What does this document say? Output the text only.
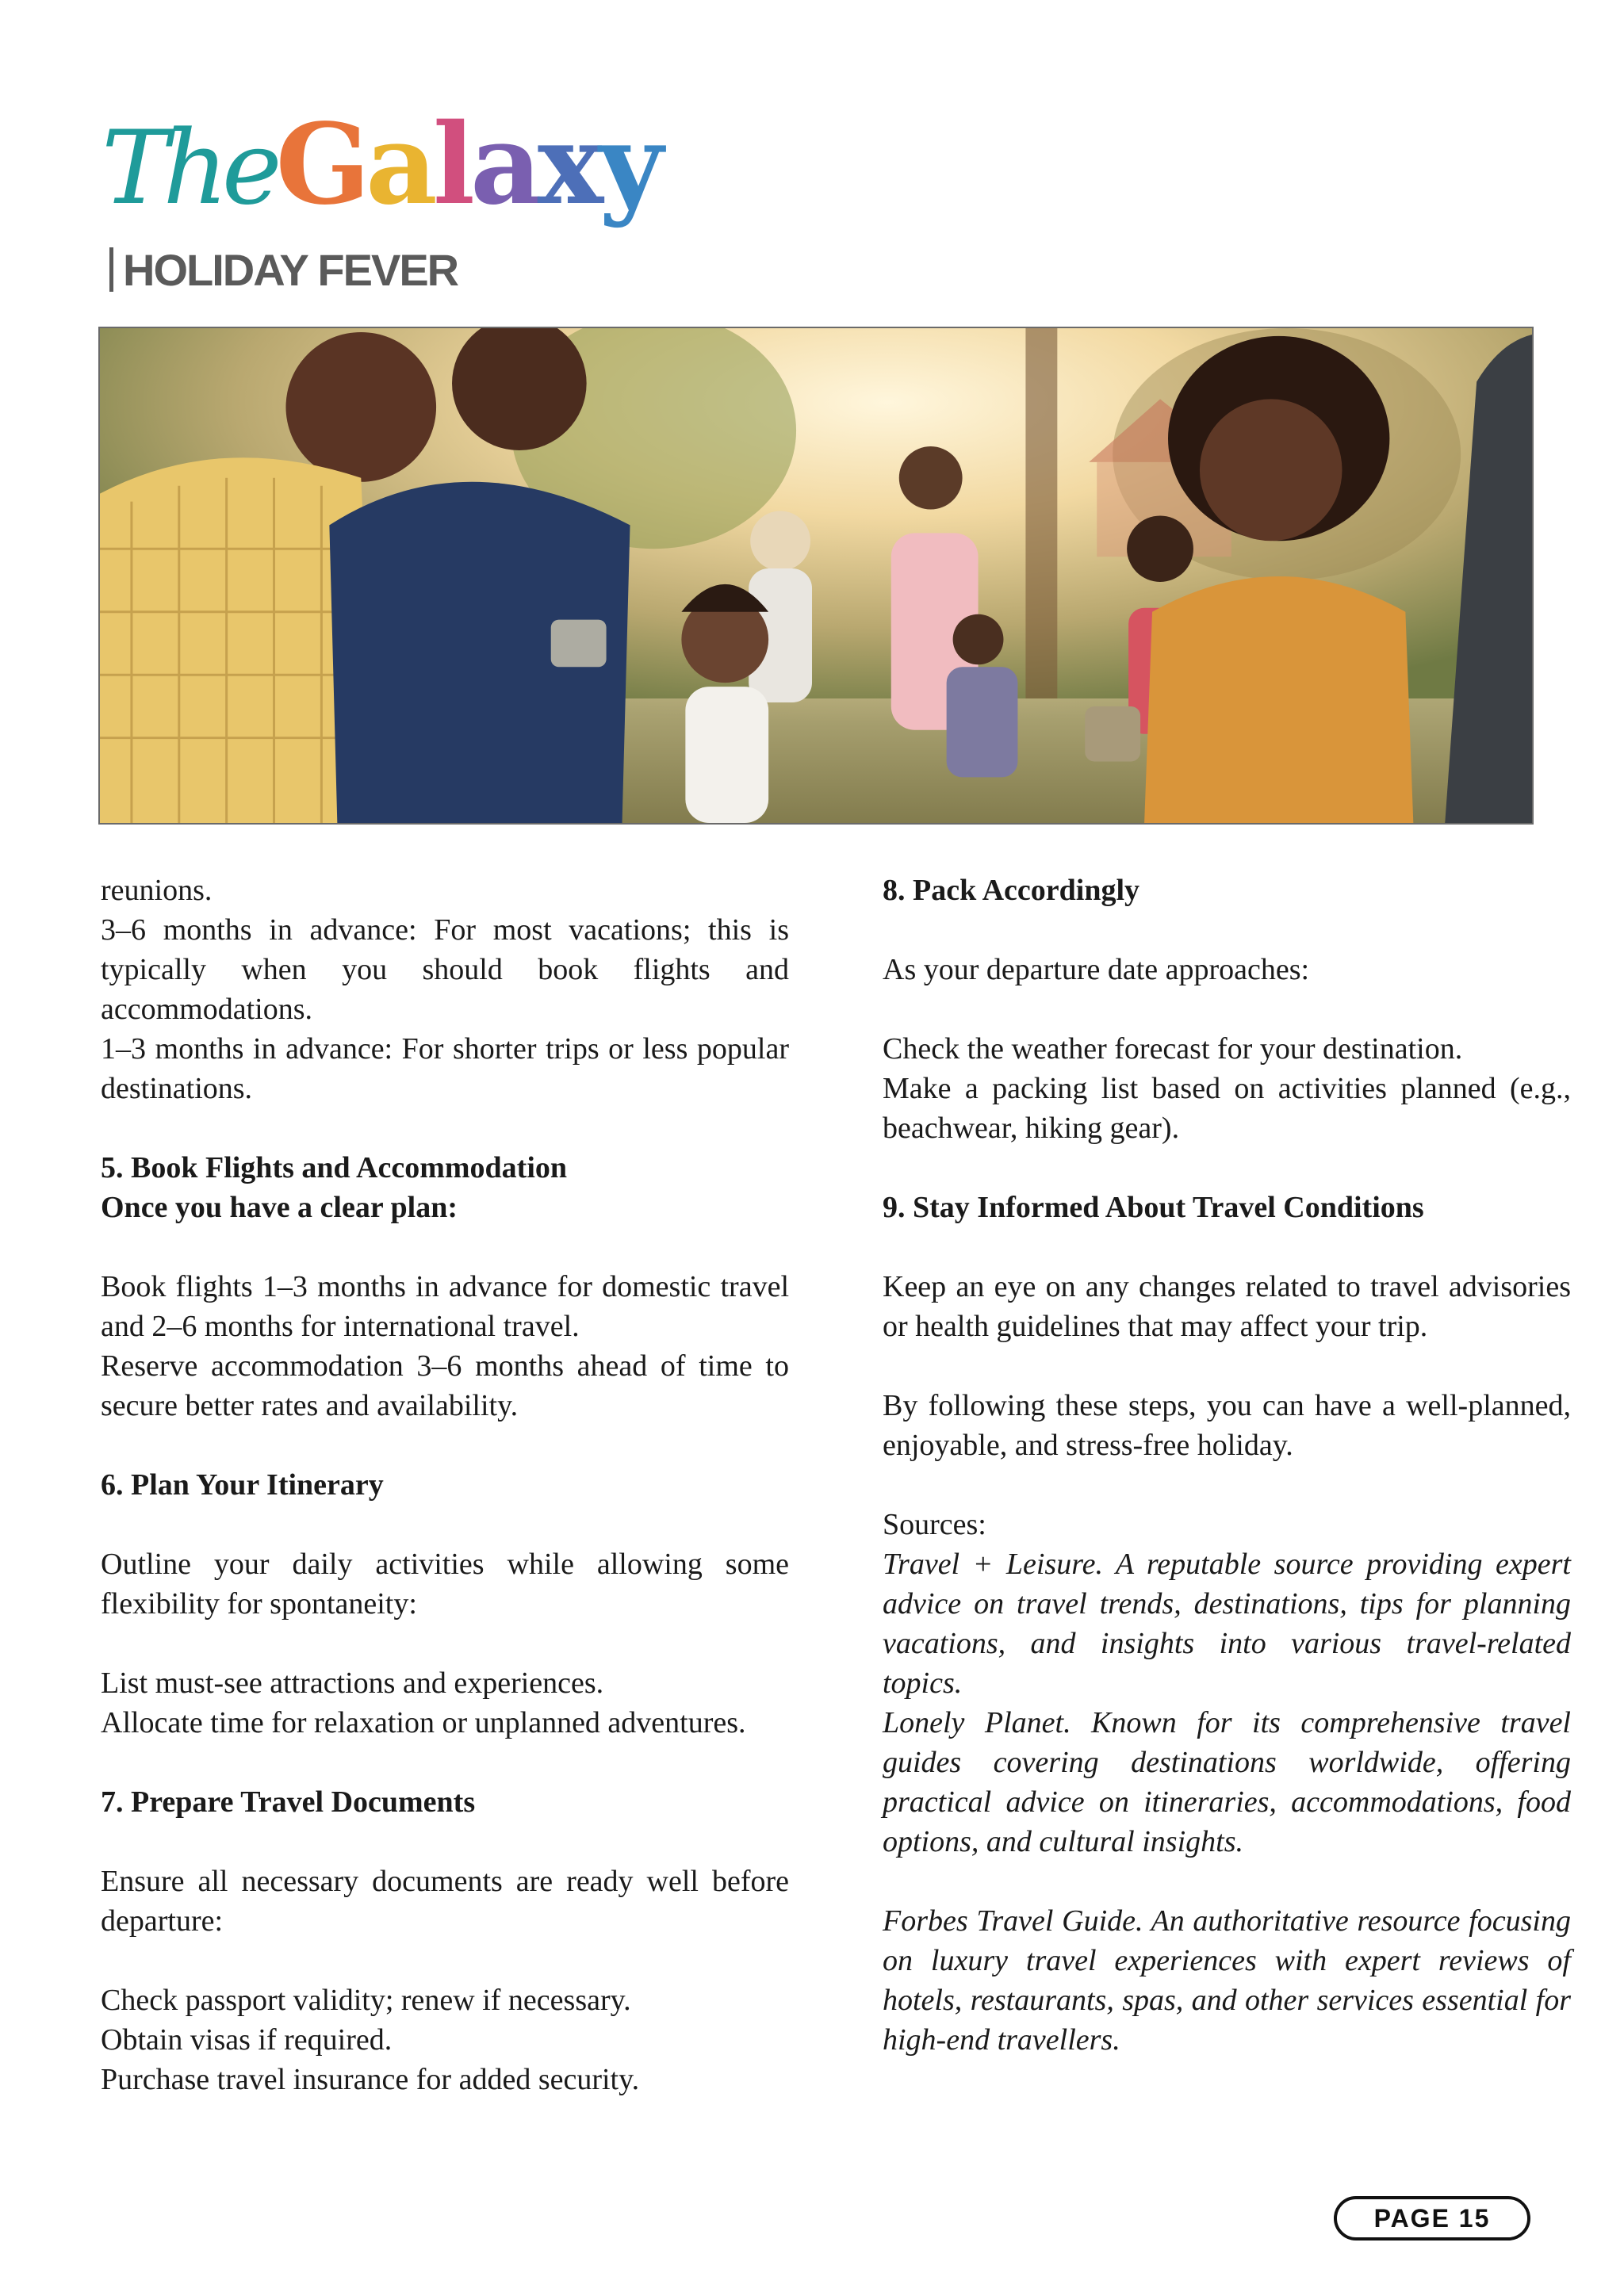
TheGalaxy
HOLIDAY FEVER

reunions.

3–6 months in advance: For most vacations; this is typically when you should book flights and accommodations.

1–3 months in advance: For shorter trips or less popular destinations.

5. Book Flights and Accommodation

Once you have a clear plan:

Book flights 1–3 months in advance for domestic travel and 2–6 months for international travel.

Reserve accommodation 3–6 months ahead of time to secure better rates and availability.

6. Plan Your Itinerary

Outline your daily activities while allowing some flexibility for spontaneity:

List must-see attractions and experiences.

Allocate time for relaxation or unplanned adventures.

7. Prepare Travel Documents

Ensure all necessary documents are ready well before departure:

Check passport validity; renew if necessary.

Obtain visas if required.

Purchase travel insurance for added security.

8. Pack Accordingly

As your departure date approaches:

Check the weather forecast for your destination.

Make a packing list based on activities planned (e.g., beachwear, hiking gear).

9. Stay Informed About Travel Conditions

Keep an eye on any changes related to travel advisories or health guidelines that may affect your trip.

By following these steps, you can have a well-planned, enjoyable, and stress-free holiday.

Sources:

Travel + Leisure. A reputable source providing expert advice on travel trends, destinations, tips for planning vacations, and insights into various travel-related topics.

Lonely Planet. Known for its comprehensive travel guides covering destinations worldwide, offering practical advice on itineraries, accommodations, food options, and cultural insights.

Forbes Travel Guide. An authoritative resource focusing on luxury travel experiences with expert reviews of hotels, restaurants, spas, and other services essential for high-end travellers.

PAGE 15
